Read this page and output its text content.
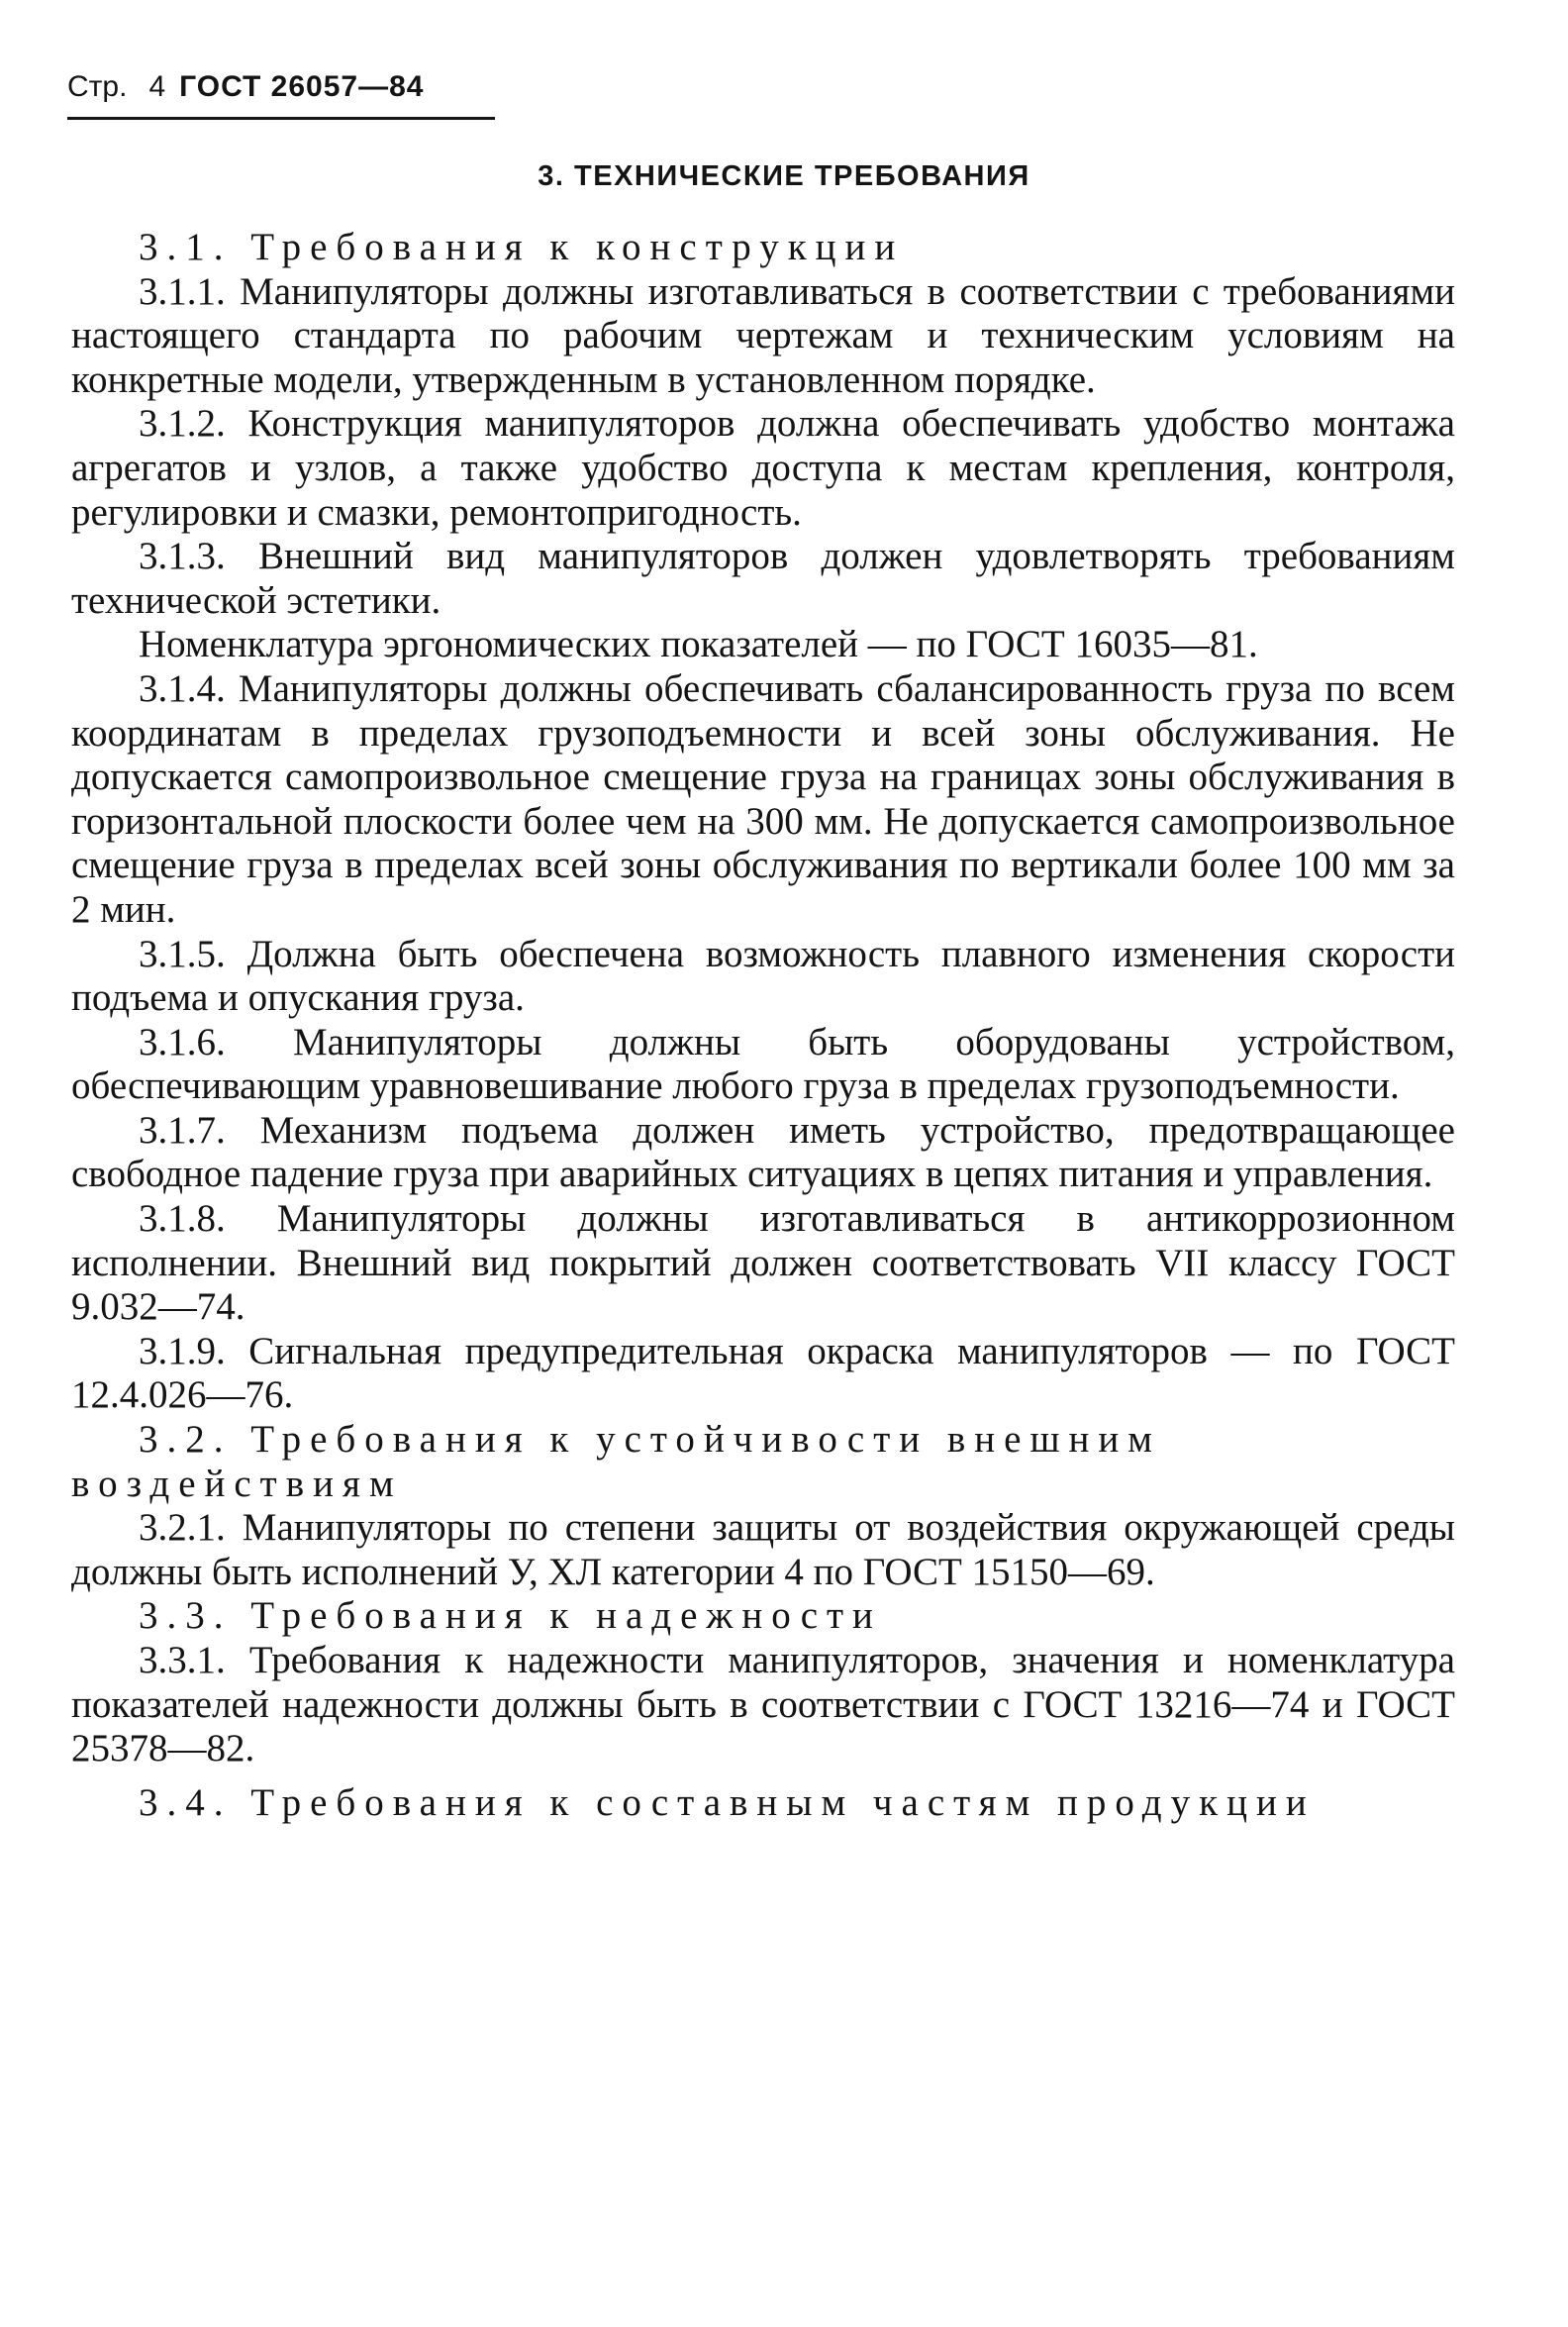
Стр. 4 ГОСТ 26057—84
3. ТЕХНИЧЕСКИЕ ТРЕБОВАНИЯ

3.1. Требования к конструкции

3.1.1. Манипуляторы должны изготавливаться в соответствии с требованиями настоящего стандарта по рабочим чертежам и техническим условиям на конкретные модели, утвержденным в установленном порядке.

3.1.2. Конструкция манипуляторов должна обеспечивать удобство монтажа агрегатов и узлов, а также удобство доступа к местам крепления, контроля, регулировки и смазки, ремонтопригодность.

3.1.3. Внешний вид манипуляторов должен удовлетворять требованиям технической эстетики.

Номенклатура эргономических показателей — по ГОСТ 16035—81.

3.1.4. Манипуляторы должны обеспечивать сбалансированность груза по всем координатам в пределах грузоподъемности и всей зоны обслуживания. Не допускается самопроизвольное смещение груза на границах зоны обслуживания в горизонтальной плоскости более чем на 300 мм. Не допускается самопроизвольное смещение груза в пределах всей зоны обслуживания по вертикали более 100 мм за 2 мин.

3.1.5. Должна быть обеспечена возможность плавного изменения скорости подъема и опускания груза.

3.1.6. Манипуляторы должны быть оборудованы устройством, обеспечивающим уравновешивание любого груза в пределах грузоподъемности.

3.1.7. Механизм подъема должен иметь устройство, предотвращающее свободное падение груза при аварийных ситуациях в цепях питания и управления.

3.1.8. Манипуляторы должны изготавливаться в антикоррозионном исполнении. Внешний вид покрытий должен соответствовать VII классу ГОСТ 9.032—74.

3.1.9. Сигнальная предупредительная окраска манипуляторов — по ГОСТ 12.4.026—76.

3.2. Требования к устойчивости внешним воздействиям

3.2.1. Манипуляторы по степени защиты от воздействия окружающей среды должны быть исполнений У, ХЛ категории 4 по ГОСТ 15150—69.

3.3. Требования к надежности

3.3.1. Требования к надежности манипуляторов, значения и номенклатура показателей надежности должны быть в соответствии с ГОСТ 13216—74 и ГОСТ 25378—82.

3.4. Требования к составным частям продукции
